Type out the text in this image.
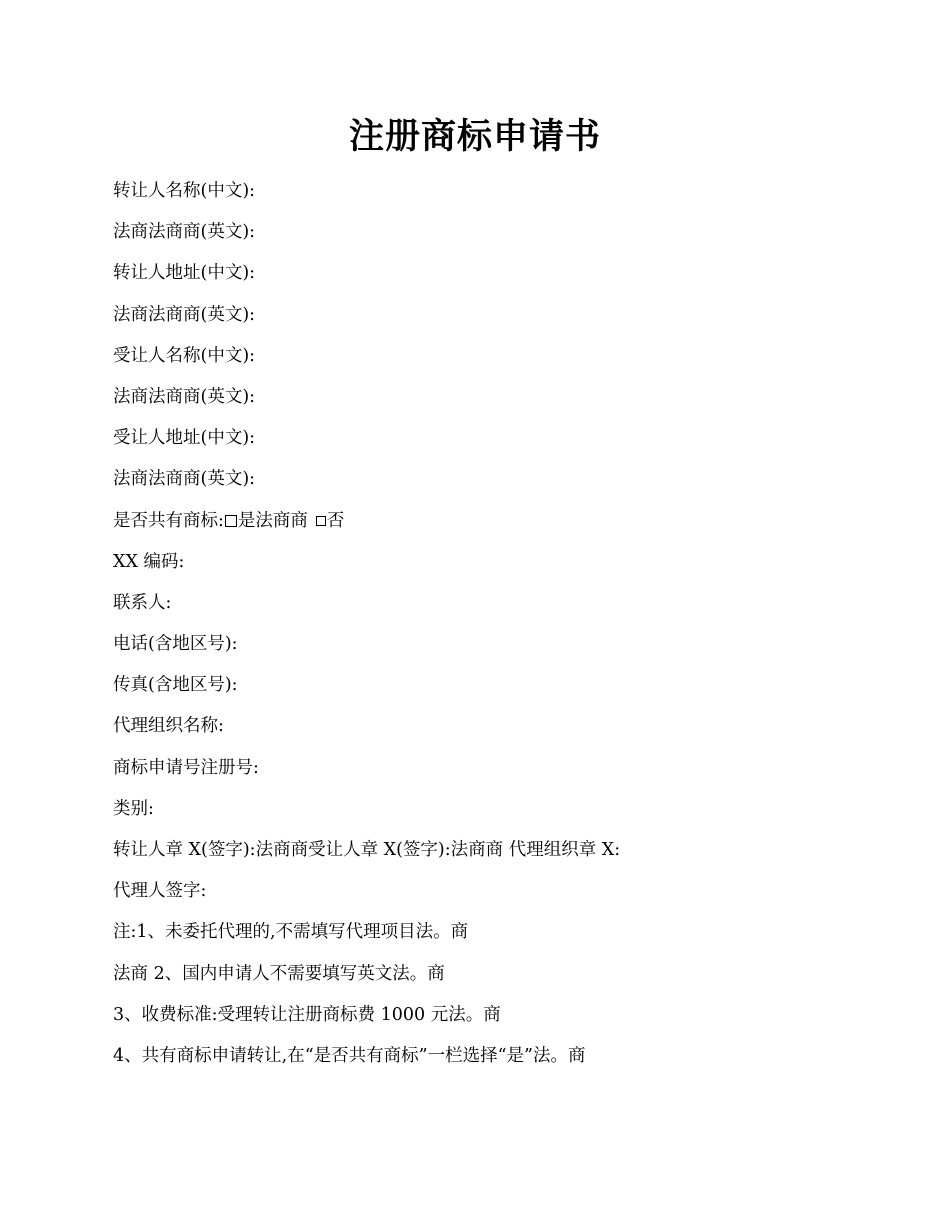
注册商标申请书
转让人名称(中文):
法商法商商(英文):
转让人地址(中文):
法商法商商(英文):
受让人名称(中文):
法商法商商(英文):
受让人地址(中文):
法商法商商(英文):
是否共有商标: 是法商商 否
XX 编码:
联系人:
电话(含地区号):
传真(含地区号):
代理组织名称:
商标申请号注册号:
类别:
转让人章 X(签字):法商商受让人章 X(签字):法商商 代理组织章 X:
代理人签字:
注:1、未委托代理的,不需填写代理项目法。商
法商 2、国内申请人不需要填写英文法。商
3、收费标准:受理转让注册商标费 1000 元法。商
4、共有商标申请转让,在“是否共有商标”一栏选择“是”法。商
